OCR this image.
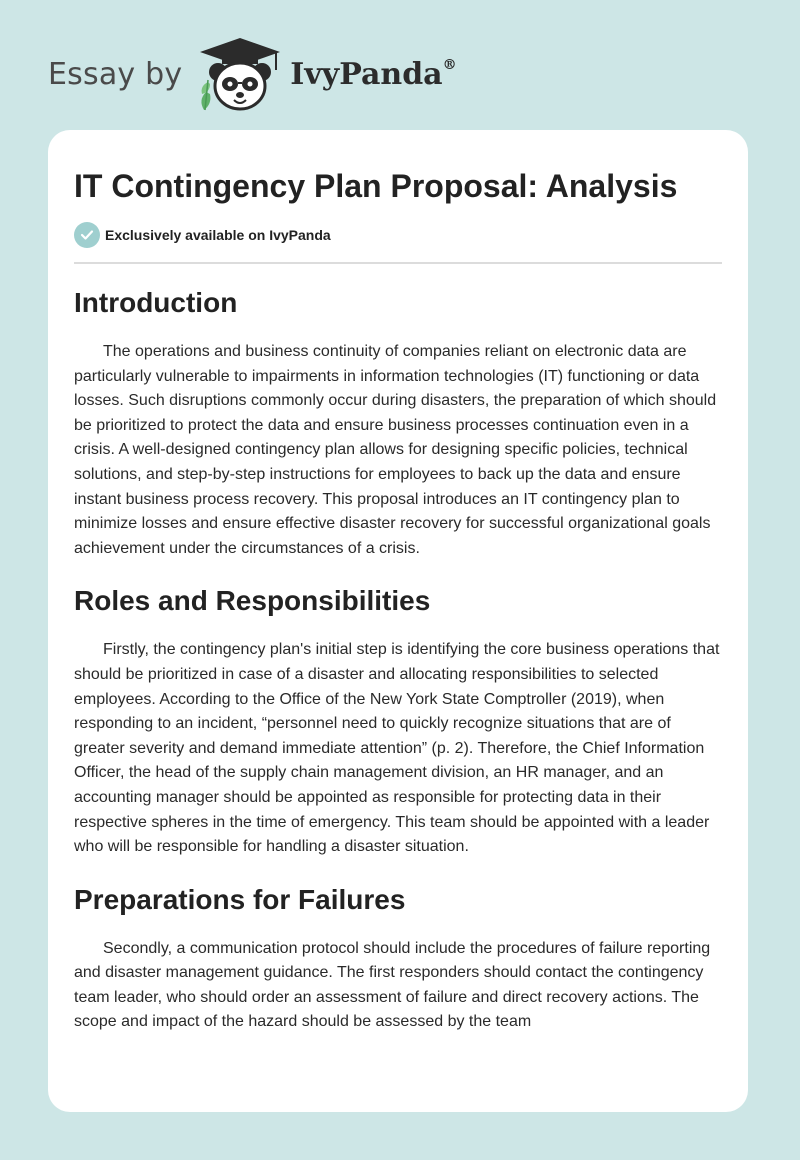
Essay by	IvyPanda®
IT Contingency Plan Proposal: Analysis
Exclusively available on IvyPanda
Introduction

The operations and business continuity of companies reliant on electronic data are particularly vulnerable to impairments in information technologies (IT) functioning or data losses. Such disruptions commonly occur during disasters, the preparation of which should be prioritized to protect the data and ensure business processes continuation even in a crisis. A well-designed contingency plan allows for designing specific policies, technical solutions, and step-by-step instructions for employees to back up the data and ensure instant business process recovery. This proposal introduces an IT contingency plan to minimize losses and ensure effective disaster recovery for successful organizational goals achievement under the circumstances of a crisis.

Roles and Responsibilities

Firstly, the contingency plan's initial step is identifying the core business operations that should be prioritized in case of a disaster and allocating responsibilities to selected employees. According to the Office of the New York State Comptroller (2019), when responding to an incident, “personnel need to quickly recognize situations that are of greater severity and demand immediate attention” (p. 2). Therefore, the Chief Information Officer, the head of the supply chain management division, an HR manager, and an accounting manager should be appointed as responsible for protecting data in their respective spheres in the time of emergency. This team should be appointed with a leader who will be responsible for handling a disaster situation.

Preparations for Failures

Secondly, a communication protocol should include the procedures of failure reporting and disaster management guidance. The first responders should contact the contingency team leader, who should order an assessment of failure and direct recovery actions. The scope and impact of the hazard should be assessed by the team
